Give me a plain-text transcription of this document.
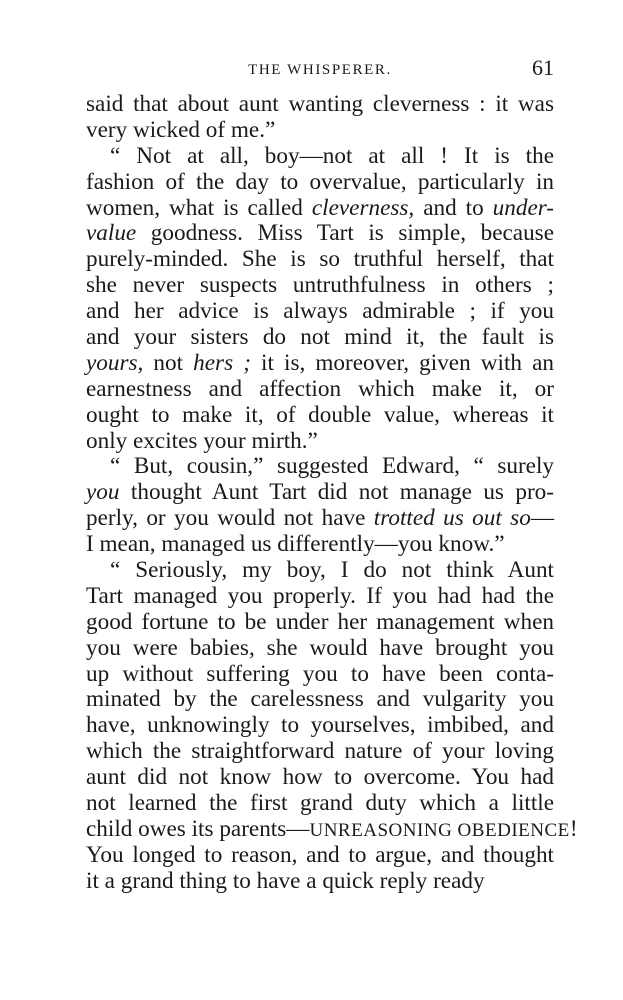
THE WHISPERER.	61
said that about aunt wanting cleverness : it was
very wicked of me.”
“ Not at all, boy—not at all ! It is the
fashion of the day to overvalue, particularly in
women, what is called cleverness, and to under-
value goodness. Miss Tart is simple, because
purely-minded. She is so truthful herself, that
she never suspects untruthfulness in others ;
and her advice is always admirable ; if you
and your sisters do not mind it, the fault is
yours, not hers ; it is, moreover, given with an
earnestness and affection which make it, or
ought to make it, of double value, whereas it
only excites your mirth.”
“ But, cousin,” suggested Edward, “ surely
you thought Aunt Tart did not manage us pro-
perly, or you would not have trotted us out so—
I mean, managed us differently—you know.”
“ Seriously, my boy, I do not think Aunt
Tart managed you properly. If you had had the
good fortune to be under her management when
you were babies, she would have brought you
up without suffering you to have been conta-
minated by the carelessness and vulgarity you
have, unknowingly to yourselves, imbibed, and
which the straightforward nature of your loving
aunt did not know how to overcome. You had
not learned the first grand duty which a little
child owes its parents—UNREASONING OBEDIENCE!
You longed to reason, and to argue, and thought
it a grand thing to have a quick reply ready
